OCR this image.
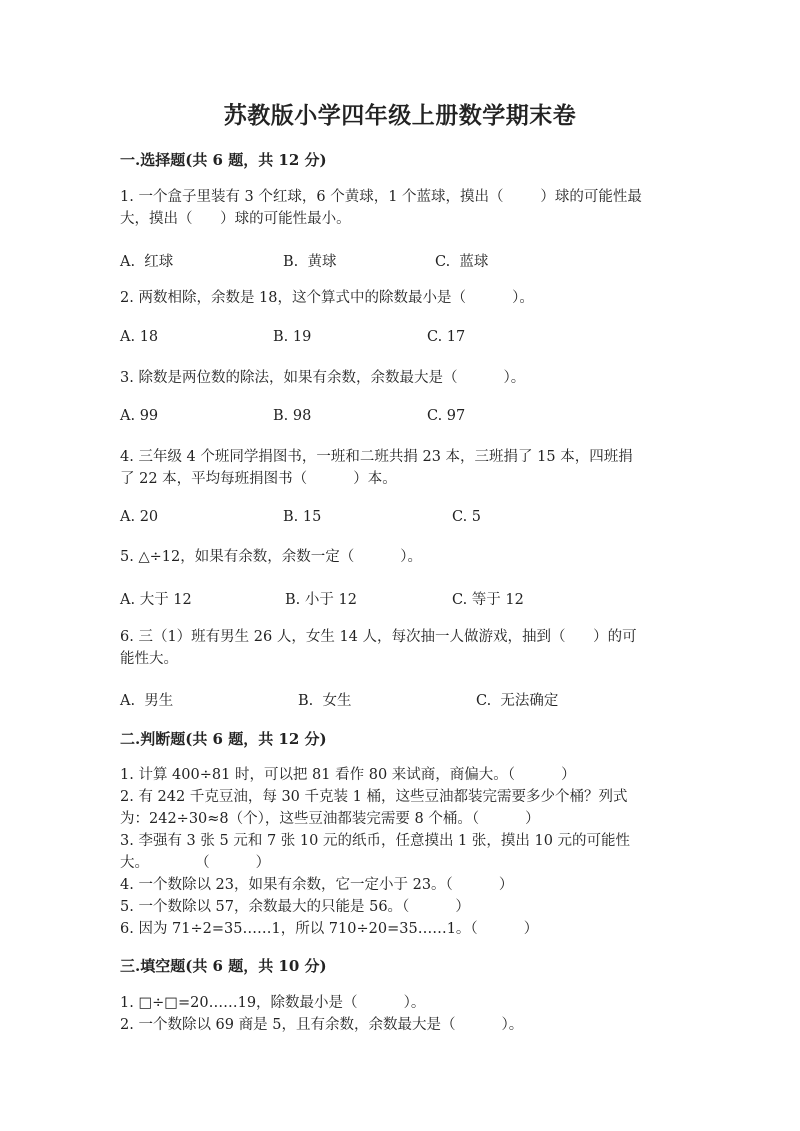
苏教版小学四年级上册数学期末卷
一.选择题(共 6 题，共 12 分)
1. 一个盒子里装有 3 个红球，6 个黄球，1 个蓝球，摸出（        ）球的可能性最
大，摸出（      ）球的可能性最小。
A.  红球	B.  黄球	C.  蓝球
2. 两数相除，余数是 18，这个算式中的除数最小是（          ）。
A. 18	B. 19	C. 17
3. 除数是两位数的除法，如果有余数，余数最大是（          ）。
A. 99	B. 98	C. 97
4. 三年级 4 个班同学捐图书，一班和二班共捐 23 本，三班捐了 15 本，四班捐
了 22 本，平均每班捐图书（          ）本。
A. 20	B. 15	C. 5
5. △÷12，如果有余数，余数一定（          ）。
A. 大于 12	B. 小于 12	C. 等于 12
6. 三（1）班有男生 26 人，女生 14 人，每次抽一人做游戏，抽到（      ）的可
能性大。
A.  男生	B.  女生	C.  无法确定
二.判断题(共 6 题，共 12 分)
1. 计算 400÷81 时，可以把 81 看作 80 来试商，商偏大。（          ）
2. 有 242 千克豆油，每 30 千克装 1 桶，这些豆油都装完需要多少个桶？列式
为：242÷30≈8（个），这些豆油都装完需要 8 个桶。（          ）
3. 李强有 3 张 5 元和 7 张 10 元的纸币，任意摸出 1 张，摸出 10 元的可能性
大。          （          ）
4. 一个数除以 23，如果有余数，它一定小于 23。（          ）
5. 一个数除以 57，余数最大的只能是 56。（          ）
6. 因为 71÷2=35……1，所以 710÷20=35……1。（          ）
三.填空题(共 6 题，共 10 分)
1. □÷□=20……19，除数最小是（          ）。
2. 一个数除以 69 商是 5，且有余数，余数最大是（          ）。
